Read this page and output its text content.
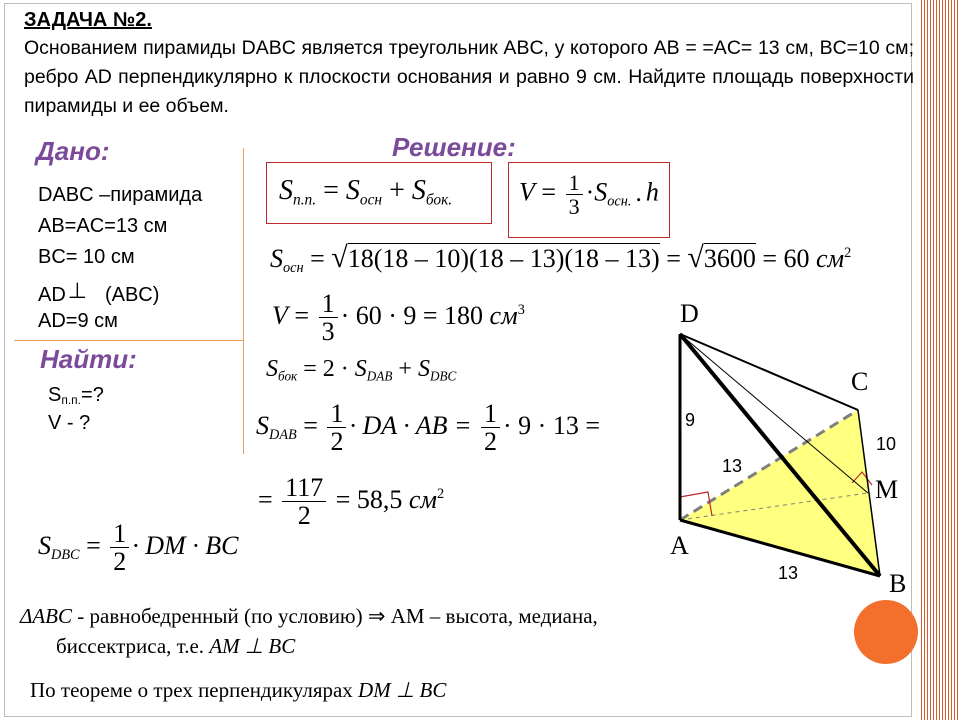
ЗАДАЧА №2.
Основанием пирамиды DABC является треугольник ABC, у которого AB = =AC= 13 см, BC=10 см; ребро AD перпендикулярно к плоскости основания и равно 9 см. Найдите площадь поверхности пирамиды и ее объем.
Дано:
DABC –пирамида
AB=AC=13 см
BC= 10 см
AD⊥ (ABC)
AD=9 см
Найти:
Sп.п.=?
V - ?
Решение:
$S_{п.п.} = S_{осн} + S_{бок.}$	$V = \frac{1}{3} \cdot S_{осн.}$ . h
$S_{осн} = √18(18 - 10)(18 - 13)(18 - 13) = √3600 = 60$ $см^2$
$V = \frac{1}{3} \cdot 60 \cdot 9 = 180$ $см^3$
$S_{бок} = 2 \cdot S_{DAB} + S_{DBC}$
$S_{DAB} = \frac{1}{2}$ · DA · AB = $\frac{1}{2} \cdot 9 \cdot 13$ =
= $\frac{117}{2} = 58,5$ $см^2$
$S_{DBC} = \frac{1}{2}$ · DM · BC
ΔABC - равнобедренный (по условию) ⇒ AM – высота, медиана,
биссектриса, т.е. AM ⊥ BC
По теореме о трех перпендикулярах DM ⊥ BC
D
C
M
A
B
9
13
10
13
